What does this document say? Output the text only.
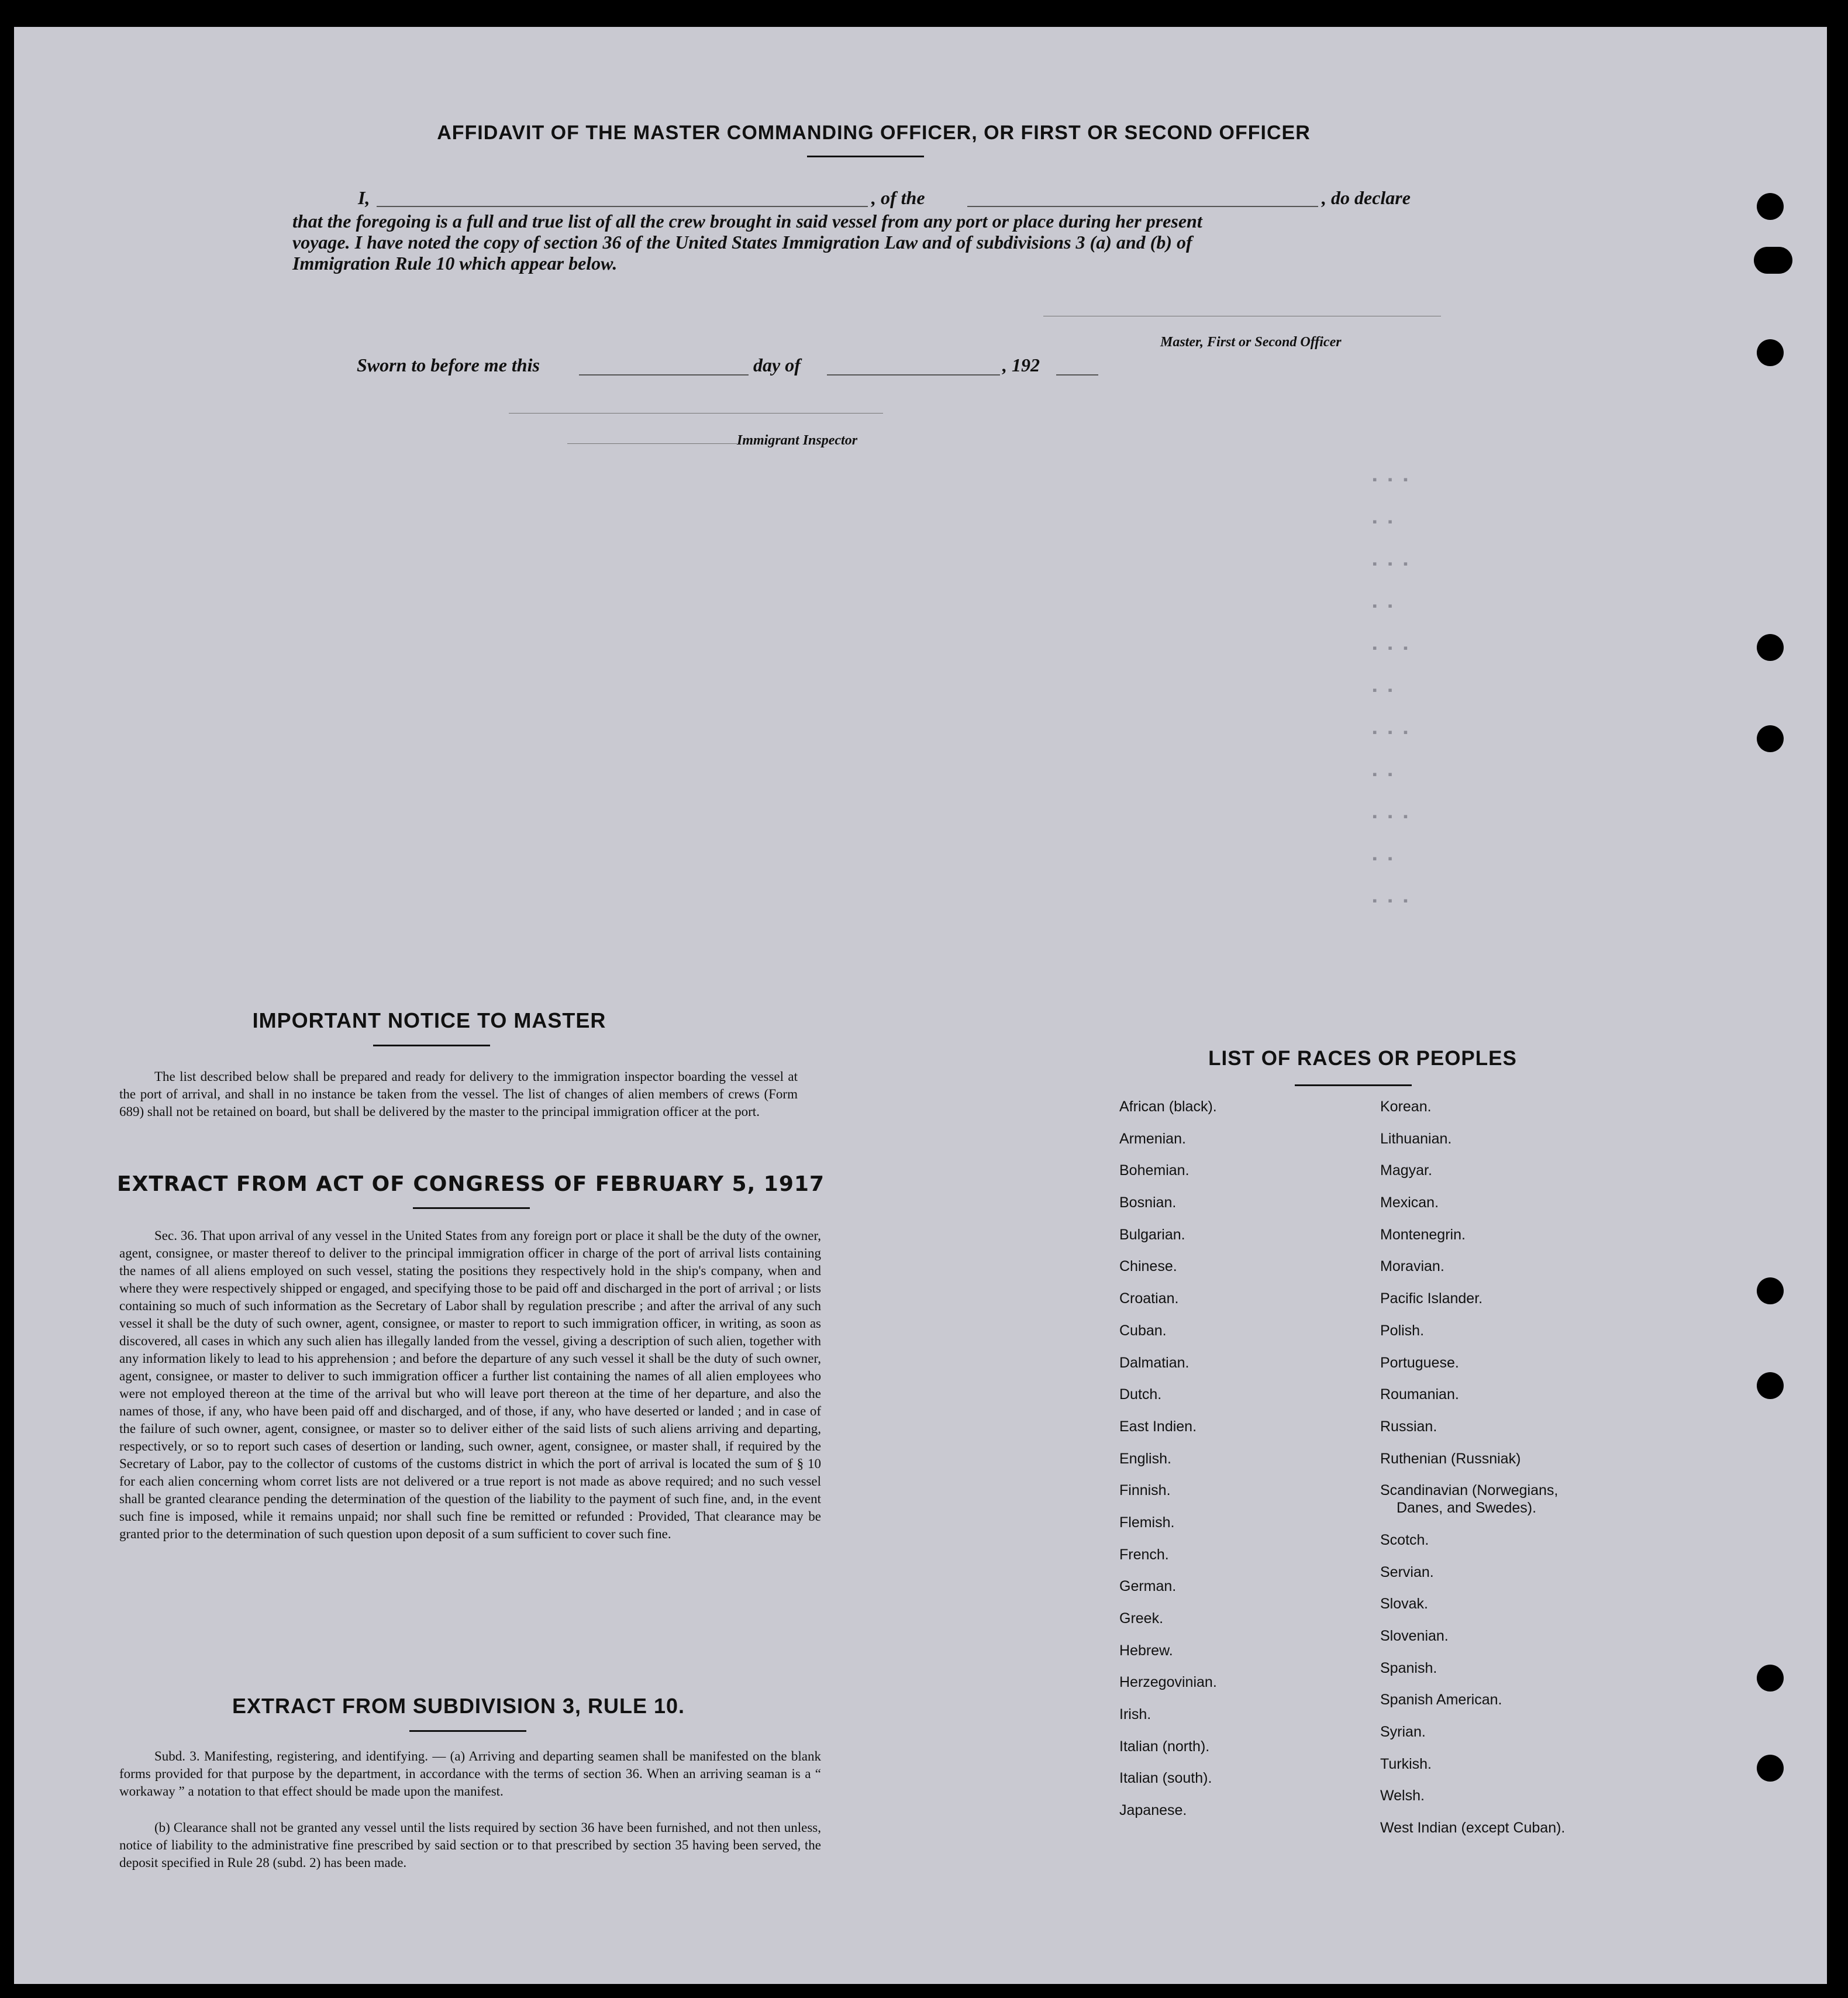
AFFIDAVIT OF THE MASTER COMMANDING OFFICER, OR FIRST OR SECOND OFFICER
I,	, of the	, do declare
that the foregoing is a full and true list of all the crew brought in said vessel from any port or place during her present
voyage. I have noted the copy of section 36 of the United States Immigration Law and of subdivisions 3 (a) and (b) of
Immigration Rule 10 which appear below.
Master, First or Second Officer
Sworn to before me this	day of	, 192
Immigrant Inspector
▪ ▪ ▪
▪ ▪
▪ ▪ ▪
▪ ▪
▪ ▪ ▪
▪ ▪
▪ ▪ ▪
▪ ▪
▪ ▪ ▪
▪ ▪
▪ ▪ ▪
IMPORTANT NOTICE TO MASTER
The list described below shall be prepared and ready for delivery to the immigration inspector boarding the vessel at the port of arrival, and shall in no instance be taken from the vessel. The list of changes of alien members of crews (Form 689) shall not be retained on board, but shall be delivered by the master to the principal immigration officer at the port.
EXTRACT FROM ACT OF CONGRESS OF FEBRUARY 5, 1917
Sec. 36. That upon arrival of any vessel in the United States from any foreign port or place it shall be the duty of the owner, agent, consignee, or master thereof to deliver to the principal immigration officer in charge of the port of arrival lists containing the names of all aliens employed on such vessel, stating the positions they respectively hold in the ship's company, when and where they were respectively shipped or engaged, and specifying those to be paid off and discharged in the port of arrival ; or lists containing so much of such information as the Secretary of Labor shall by regulation prescribe ; and after the arrival of any such vessel it shall be the duty of such owner, agent, consignee, or master to report to such immigration officer, in writing, as soon as discovered, all cases in which any such alien has illegally landed from the vessel, giving a description of such alien, together with any information likely to lead to his apprehension ; and before the departure of any such vessel it shall be the duty of such owner, agent, consignee, or master to deliver to such immigration officer a further list containing the names of all alien employees who were not employed thereon at the time of the arrival but who will leave port thereon at the time of her departure, and also the names of those, if any, who have been paid off and discharged, and of those, if any, who have deserted or landed ; and in case of the failure of such owner, agent, consignee, or master so to deliver either of the said lists of such aliens arriving and departing, respectively, or so to report such cases of desertion or landing, such owner, agent, consignee, or master shall, if required by the Secretary of Labor, pay to the collector of customs of the customs district in which the port of arrival is located the sum of § 10 for each alien concerning whom corret lists are not delivered or a true report is not made as above required; and no such vessel shall be granted clearance pending the determination of the question of the liability to the payment of such fine, and, in the event such fine is imposed, while it remains unpaid; nor shall such fine be remitted or refunded : Provided, That clearance may be granted prior to the determination of such question upon deposit of a sum sufficient to cover such fine.
EXTRACT FROM SUBDIVISION 3, RULE 10.
Subd. 3. Manifesting, registering, and identifying. — (a) Arriving and departing seamen shall be manifested on the blank forms provided for that purpose by the department, in accordance with the terms of section 36. When an arriving seaman is a “ workaway ” a notation to that effect should be made upon the manifest.
(b) Clearance shall not be granted any vessel until the lists required by section 36 have been furnished, and not then unless, notice of liability to the administrative fine prescribed by said section or to that prescribed by section 35 having been served, the deposit specified in Rule 28 (subd. 2) has been made.
LIST OF RACES OR PEOPLES
African (black).
Armenian.
Bohemian.
Bosnian.
Bulgarian.
Chinese.
Croatian.
Cuban.
Dalmatian.
Dutch.
East Indien.
English.
Finnish.
Flemish.
French.
German.
Greek.
Hebrew.
Herzegovinian.
Irish.
Italian (north).
Italian (south).
Japanese.
Korean.
Lithuanian.
Magyar.
Mexican.
Montenegrin.
Moravian.
Pacific Islander.
Polish.
Portuguese.
Roumanian.
Russian.
Ruthenian (Russniak)
Scandinavian (Norwegians,
Danes, and Swedes).
Scotch.
Servian.
Slovak.
Slovenian.
Spanish.
Spanish American.
Syrian.
Turkish.
Welsh.
West Indian (except Cuban).
